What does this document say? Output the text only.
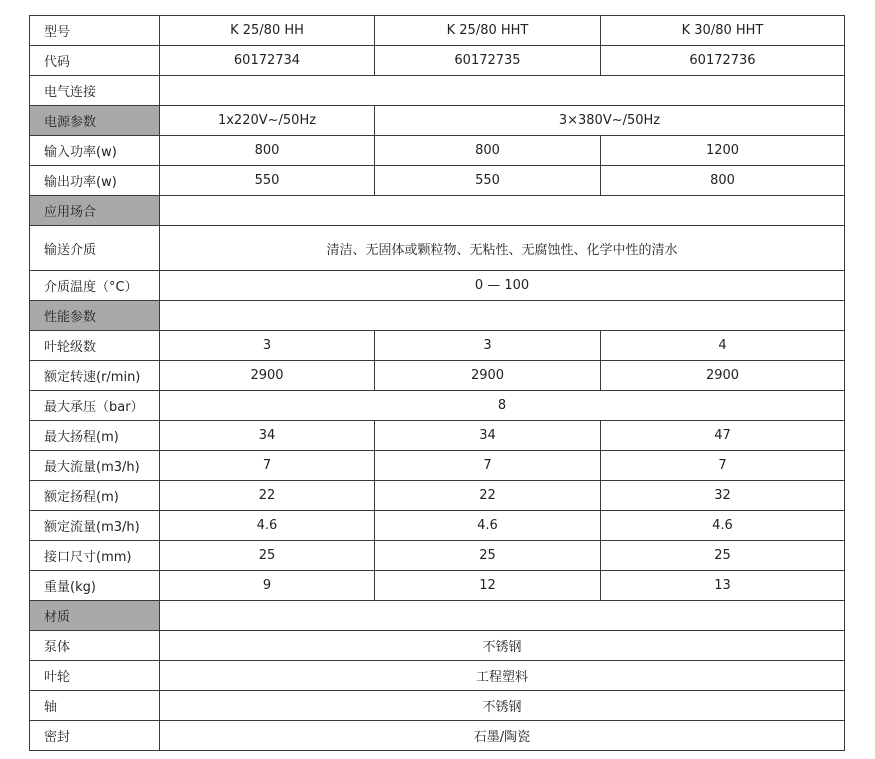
型号	K 25/80 HH	K 25/80 HHT	K 30/80 HHT
代码	60172734	60172735	60172736
电气连接			
电源参数	1x220V~/50Hz	3×380V~/50Hz	
输入功率(w)	800	800	1200
输出功率(w)	550	550	800
应用场合			
输送介质	清洁、无固体或颗粒物、无粘性、无腐蚀性、化学中性的清水		
介质温度（°C）	0 — 100		
性能参数			
叶轮级数	3	3	4
额定转速(r/min)	2900	2900	2900
最大承压（bar）	8		
最大扬程(m)	34	34	47
最大流量(m3/h)	7	7	7
额定扬程(m)	22	22	32
额定流量(m3/h)	4.6	4.6	4.6
接口尺寸(mm)	25	25	25
重量(kg)	9	12	13
材质			
泵体	不锈钢		
叶轮	工程塑料		
轴	不锈钢		
密封	石墨/陶瓷		
